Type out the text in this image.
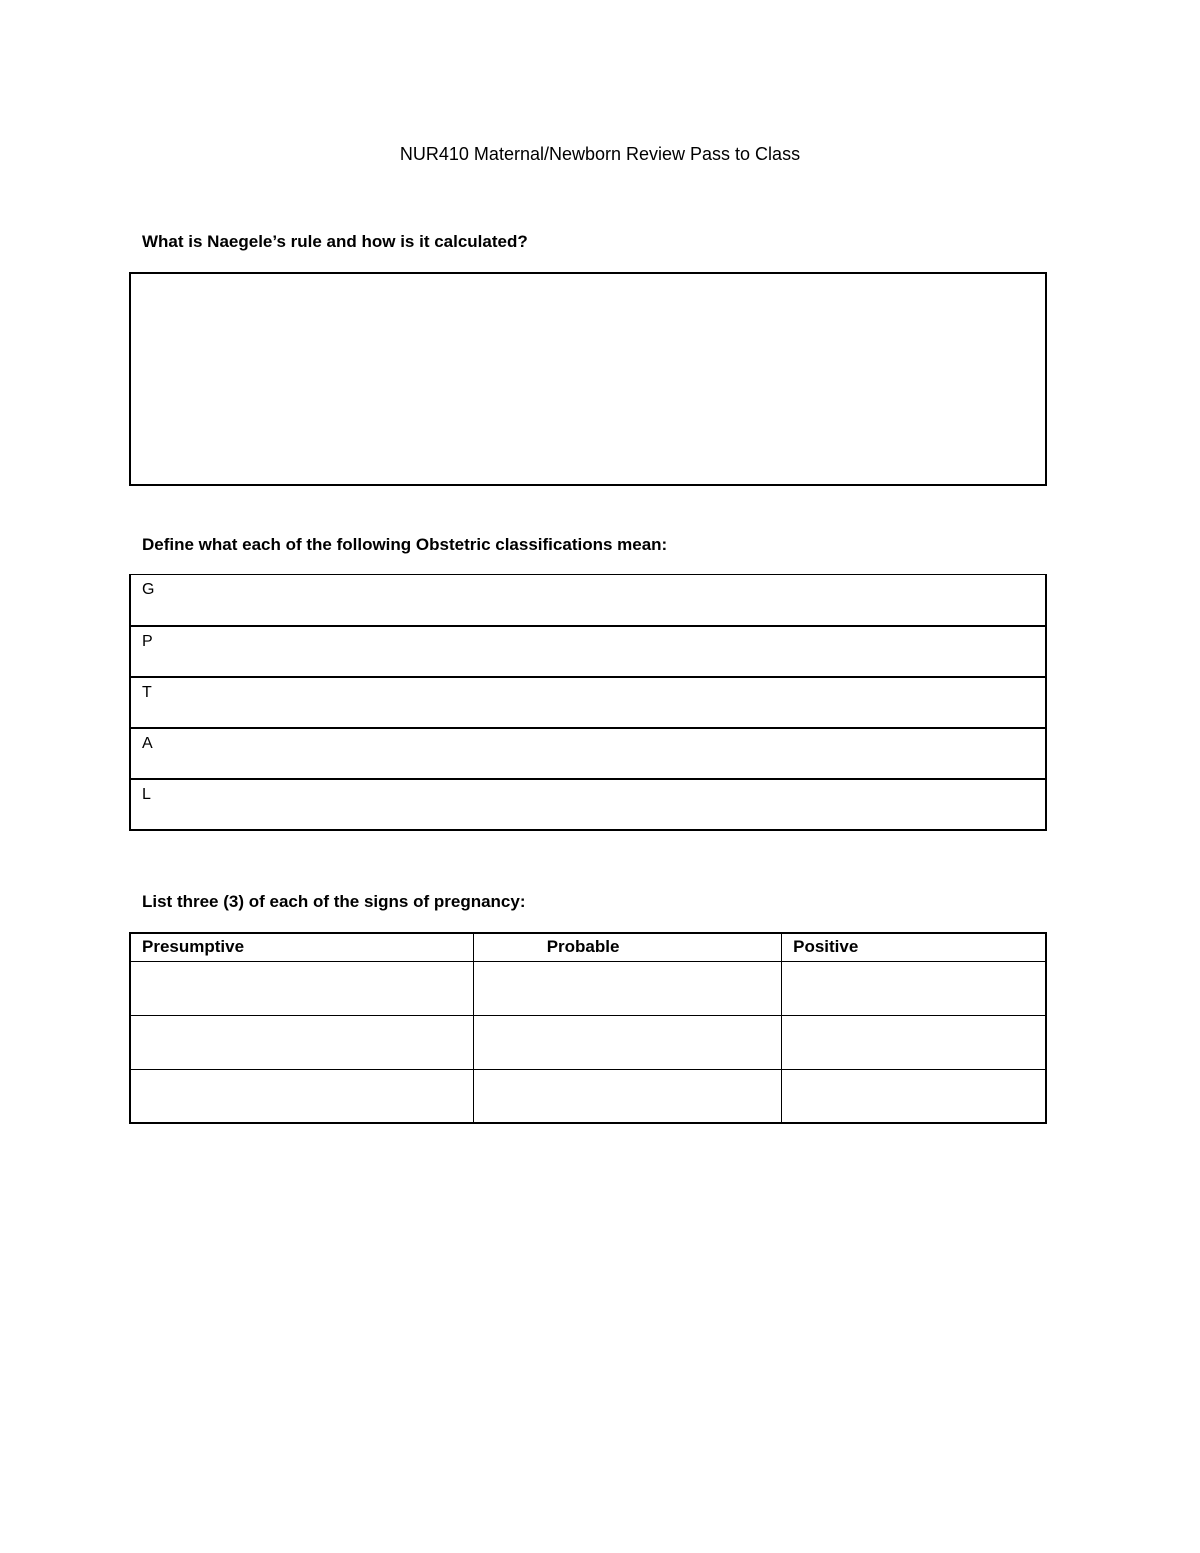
NUR410 Maternal/Newborn Review Pass to Class
What is Naegele’s rule and how is it calculated?
Define what each of the following Obstetric classifications mean:
G
P
T
A
L
List three (3) of each of the signs of pregnancy:
Presumptive	Probable	Positive
